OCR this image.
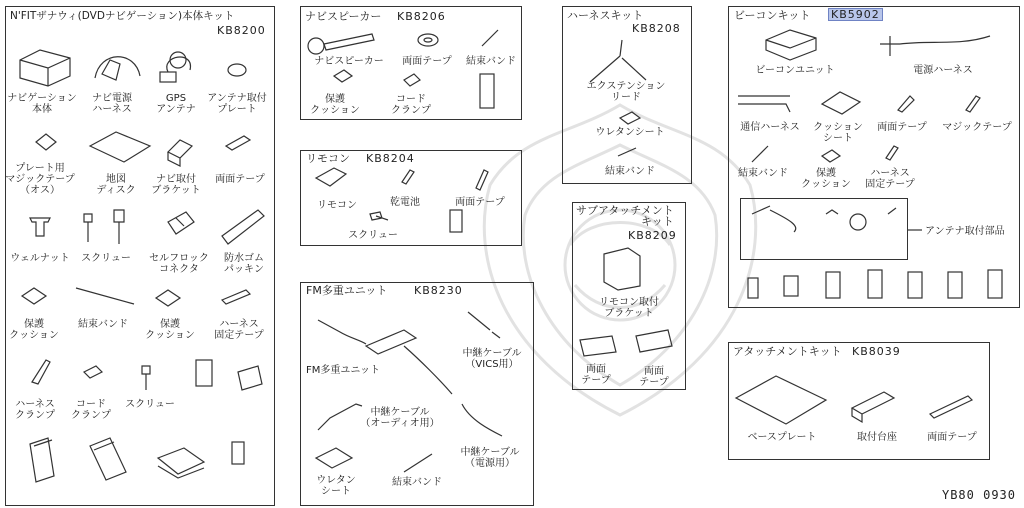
N'FITザナウィ(DVDナビゲーション)本体キット
KB8200
ナビゲーション
本体
ナビ電源
ハーネス
GPS
アンテナ
アンテナ取付
プレート
プレート用
マジックテープ
（オス）
地図
ディスク
ナビ取付
ブラケット
両面テープ
ウェルナット	スクリュー	セルフロック
コネクタ
防水ゴム
パッキン
保護
クッション
結束バンド	保護
クッション
ハーネス
固定テープ
ハーネス
クランプ
コード
クランプ
スクリュー
ナビスピーカー KB8206
ナビスピーカー	両面テープ	結束バンド
保護
クッション
コード
クランプ
リモコン KB8204
リモコン	乾電池	両面テープ
スクリュー
FM多重ユニット KB8230
FM多重ユニット
中継ケーブル
（VICS用）
中継ケーブル
（オーディオ用）
中継ケーブル
（電源用）
ウレタン
シート
結束バンド
ハーネスキット
KB8208
エクステンション
リード
ウレタンシート
結束バンド
サブアタッチメント
キット
KB8209
リモコン取付
ブラケット
両面
テープ
両面
テープ
ビーコンキット KB5902
ビーコンユニット	電源ハーネス
通信ハーネス	クッション
シート
両面テープ	マジックテープ
結束バンド	保護
クッション
ハーネス
固定テープ
アンテナ取付部品
アタッチメントキット KB8039
ベースプレート	取付台座	両面テープ
YB80 0930
